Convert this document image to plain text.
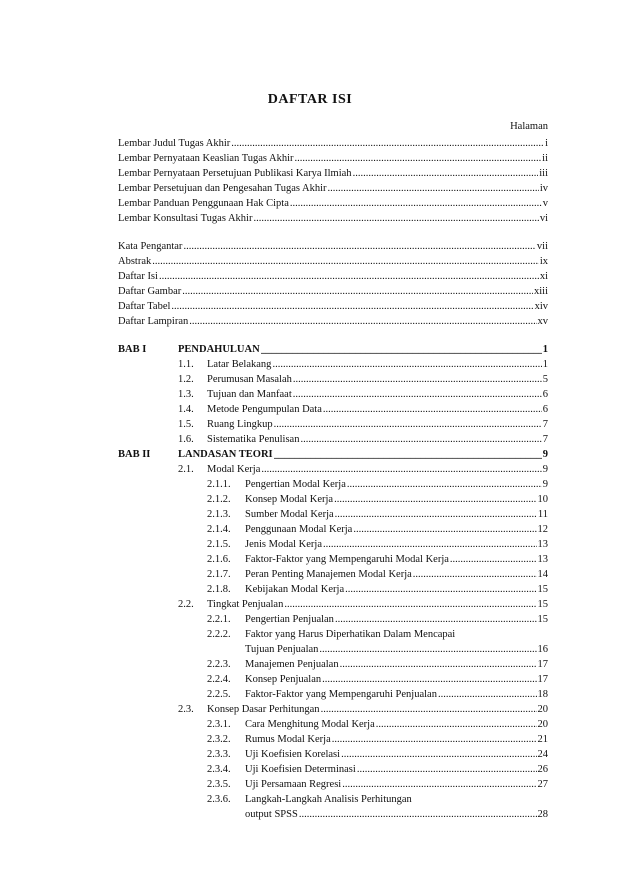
DAFTAR ISI
Halaman
Lembar Judul Tugas Akhir .....	i
Lembar Pernyataan Keaslian Tugas Akhir .....	ii
Lembar Pernyataan Persetujuan Publikasi Karya Ilmiah .....	iii
Lembar Persetujuan dan Pengesahan Tugas Akhir .....	iv
Lembar Panduan Penggunaan Hak Cipta .....	v
Lembar Konsultasi Tugas Akhir .....	vi
Kata Pengantar .....	vii
Abstrak .....	ix
Daftar Isi .....	xi
Daftar Gambar .....	xiii
Daftar Tabel .....	xiv
Daftar Lampiran .....	xv
BAB I	PENDAHULUAN _____	1
1.1.	Latar Belakang .....	1
1.2.	Perumusan Masalah .....	5
1.3.	Tujuan dan Manfaat .....	6
1.4.	Metode Pengumpulan Data .....	6
1.5.	Ruang Lingkup .....	7
1.6.	Sistematika Penulisan .....	7
BAB II	LANDASAN TEORI _____	9
2.1.	Modal Kerja .....	9
2.1.1.	Pengertian Modal Kerja .....	9
2.1.2.	Konsep Modal Kerja .....	10
2.1.3.	Sumber Modal Kerja .....	11
2.1.4.	Penggunaan Modal Kerja .....	12
2.1.5.	Jenis Modal Kerja .....	13
2.1.6.	Faktor-Faktor yang Mempengaruhi Modal Kerja .....	13
2.1.7.	Peran Penting Manajemen Modal Kerja .....	14
2.1.8.	Kebijakan Modal Kerja .....	15
2.2.	Tingkat Penjualan .....	15
2.2.1.	Pengertian Penjualan .....	15
2.2.2. Faktor yang Harus Diperhatikan Dalam Mencapai
Tujuan Penjualan .....	16
2.2.3.	Manajemen Penjualan .....	17
2.2.4.	Konsep Penjualan .....	17
2.2.5.	Faktor-Faktor yang Mempengaruhi Penjualan .....	18
2.3.	Konsep Dasar Perhitungan .....	20
2.3.1.	Cara Menghitung Modal Kerja .....	20
2.3.2.	Rumus Modal Kerja .....	21
2.3.3.	Uji Koefisien Korelasi .....	24
2.3.4.	Uji Koefisien Determinasi .....	26
2.3.5.	Uji Persamaan Regresi .....	27
2.3.6. Langkah-Langkah Analisis Perhitungan
output SPSS .....	28
